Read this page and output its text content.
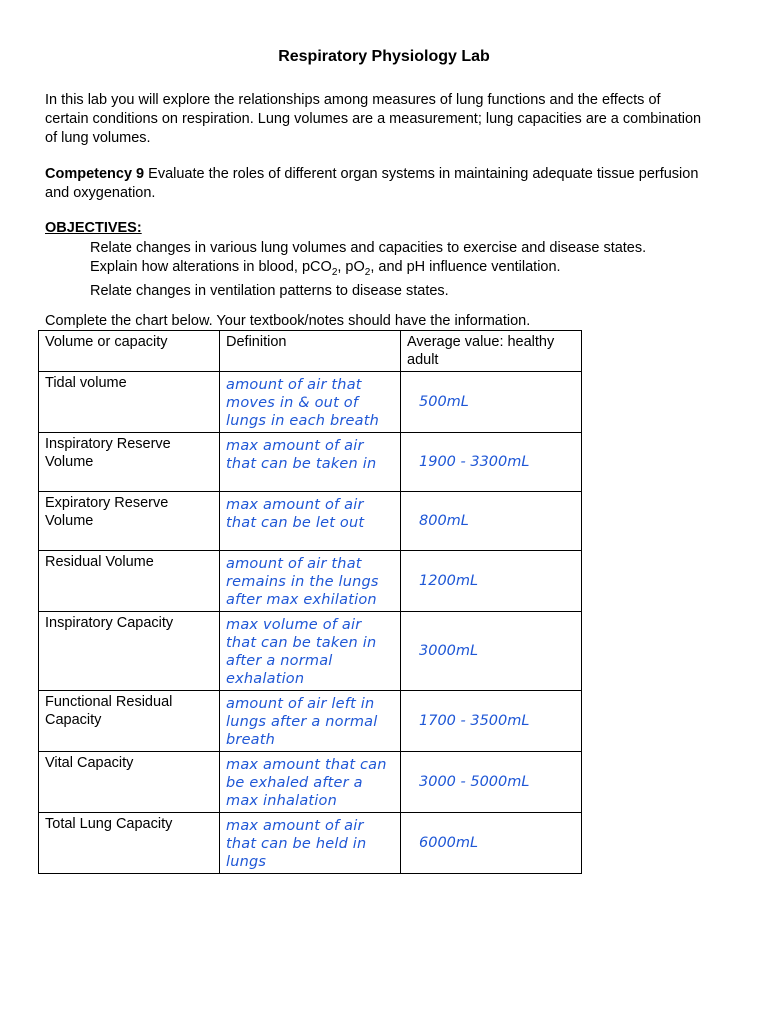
Respiratory Physiology Lab
In this lab you will explore the relationships among measures of lung functions and the effects of certain conditions on respiration. Lung volumes are a measurement; lung capacities are a combination of lung volumes.
Competency 9 Evaluate the roles of different organ systems in maintaining adequate tissue perfusion and oxygenation.
OBJECTIVES:
Relate changes in various lung volumes and capacities to exercise and disease states.
Explain how alterations in blood, pCO$_2$, $pO_2$, and pH influence ventilation.
Relate changes in ventilation patterns to disease states.
Complete the chart below. Your textbook/notes should have the information.
Volume or capacity	Definition	Average value: healthy adult
Tidal volume	amount of air that moves in & out of lungs in each breath	500mL
Inspiratory Reserve Volume	max amount of air that can be taken in	1900 - 3300mL
Expiratory Reserve Volume	max amount of air that can be let out	800mL
Residual Volume	amount of air that remains in the lungs after max exhilation	1200mL
Inspiratory Capacity	max volume of air that can be taken in after a normal exhalation	3000mL
Functional Residual Capacity	amount of air left in lungs after a normal breath	1700 - 3500mL
Vital Capacity	max amount that can be exhaled after a max inhalation	3000 - 5000mL
Total Lung Capacity	max amount of air that can be held in lungs	6000mL
